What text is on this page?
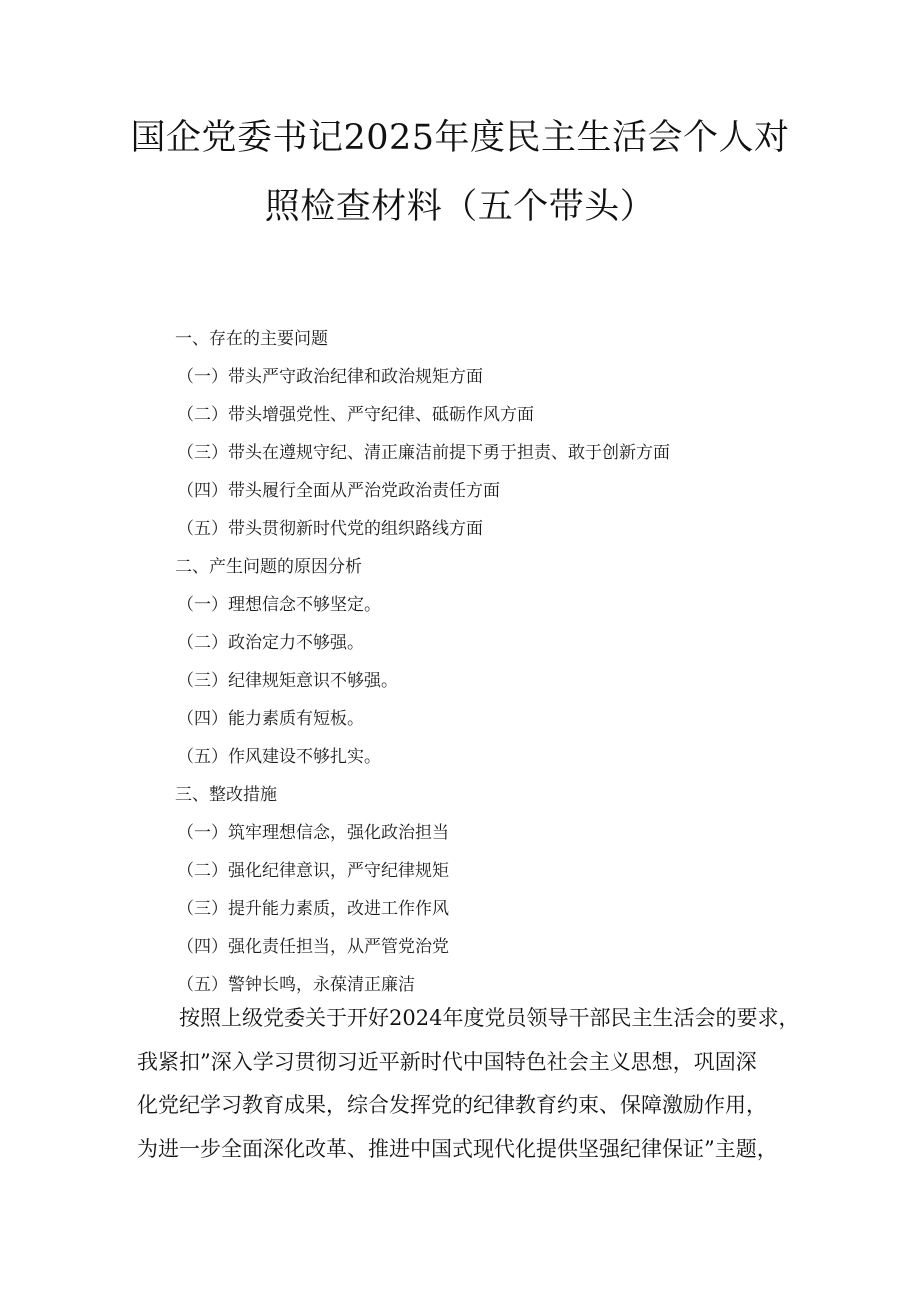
国企党委书记2025年度民主生活会个人对
照检查材料（五个带头）
一、存在的主要问题
（一）带头严守政治纪律和政治规矩方面
（二）带头增强党性、严守纪律、砥砺作风方面
（三）带头在遵规守纪、清正廉洁前提下勇于担责、敢于创新方面
（四）带头履行全面从严治党政治责任方面
（五）带头贯彻新时代党的组织路线方面
二、产生问题的原因分析
（一）理想信念不够坚定。
（二）政治定力不够强。
（三）纪律规矩意识不够强。
（四）能力素质有短板。
（五）作风建设不够扎实。
三、整改措施
（一）筑牢理想信念，强化政治担当
（二）强化纪律意识，严守纪律规矩
（三）提升能力素质，改进工作作风
（四）强化责任担当，从严管党治党
（五）警钟长鸣，永葆清正廉洁
按照上级党委关于开好2024年度党员领导干部民主生活会的要求，
我紧扣”深入学习贯彻习近平新时代中国特色社会主义思想，巩固深
化党纪学习教育成果，综合发挥党的纪律教育约束、保障激励作用，
为进一步全面深化改革、推进中国式现代化提供坚强纪律保证”主题，
